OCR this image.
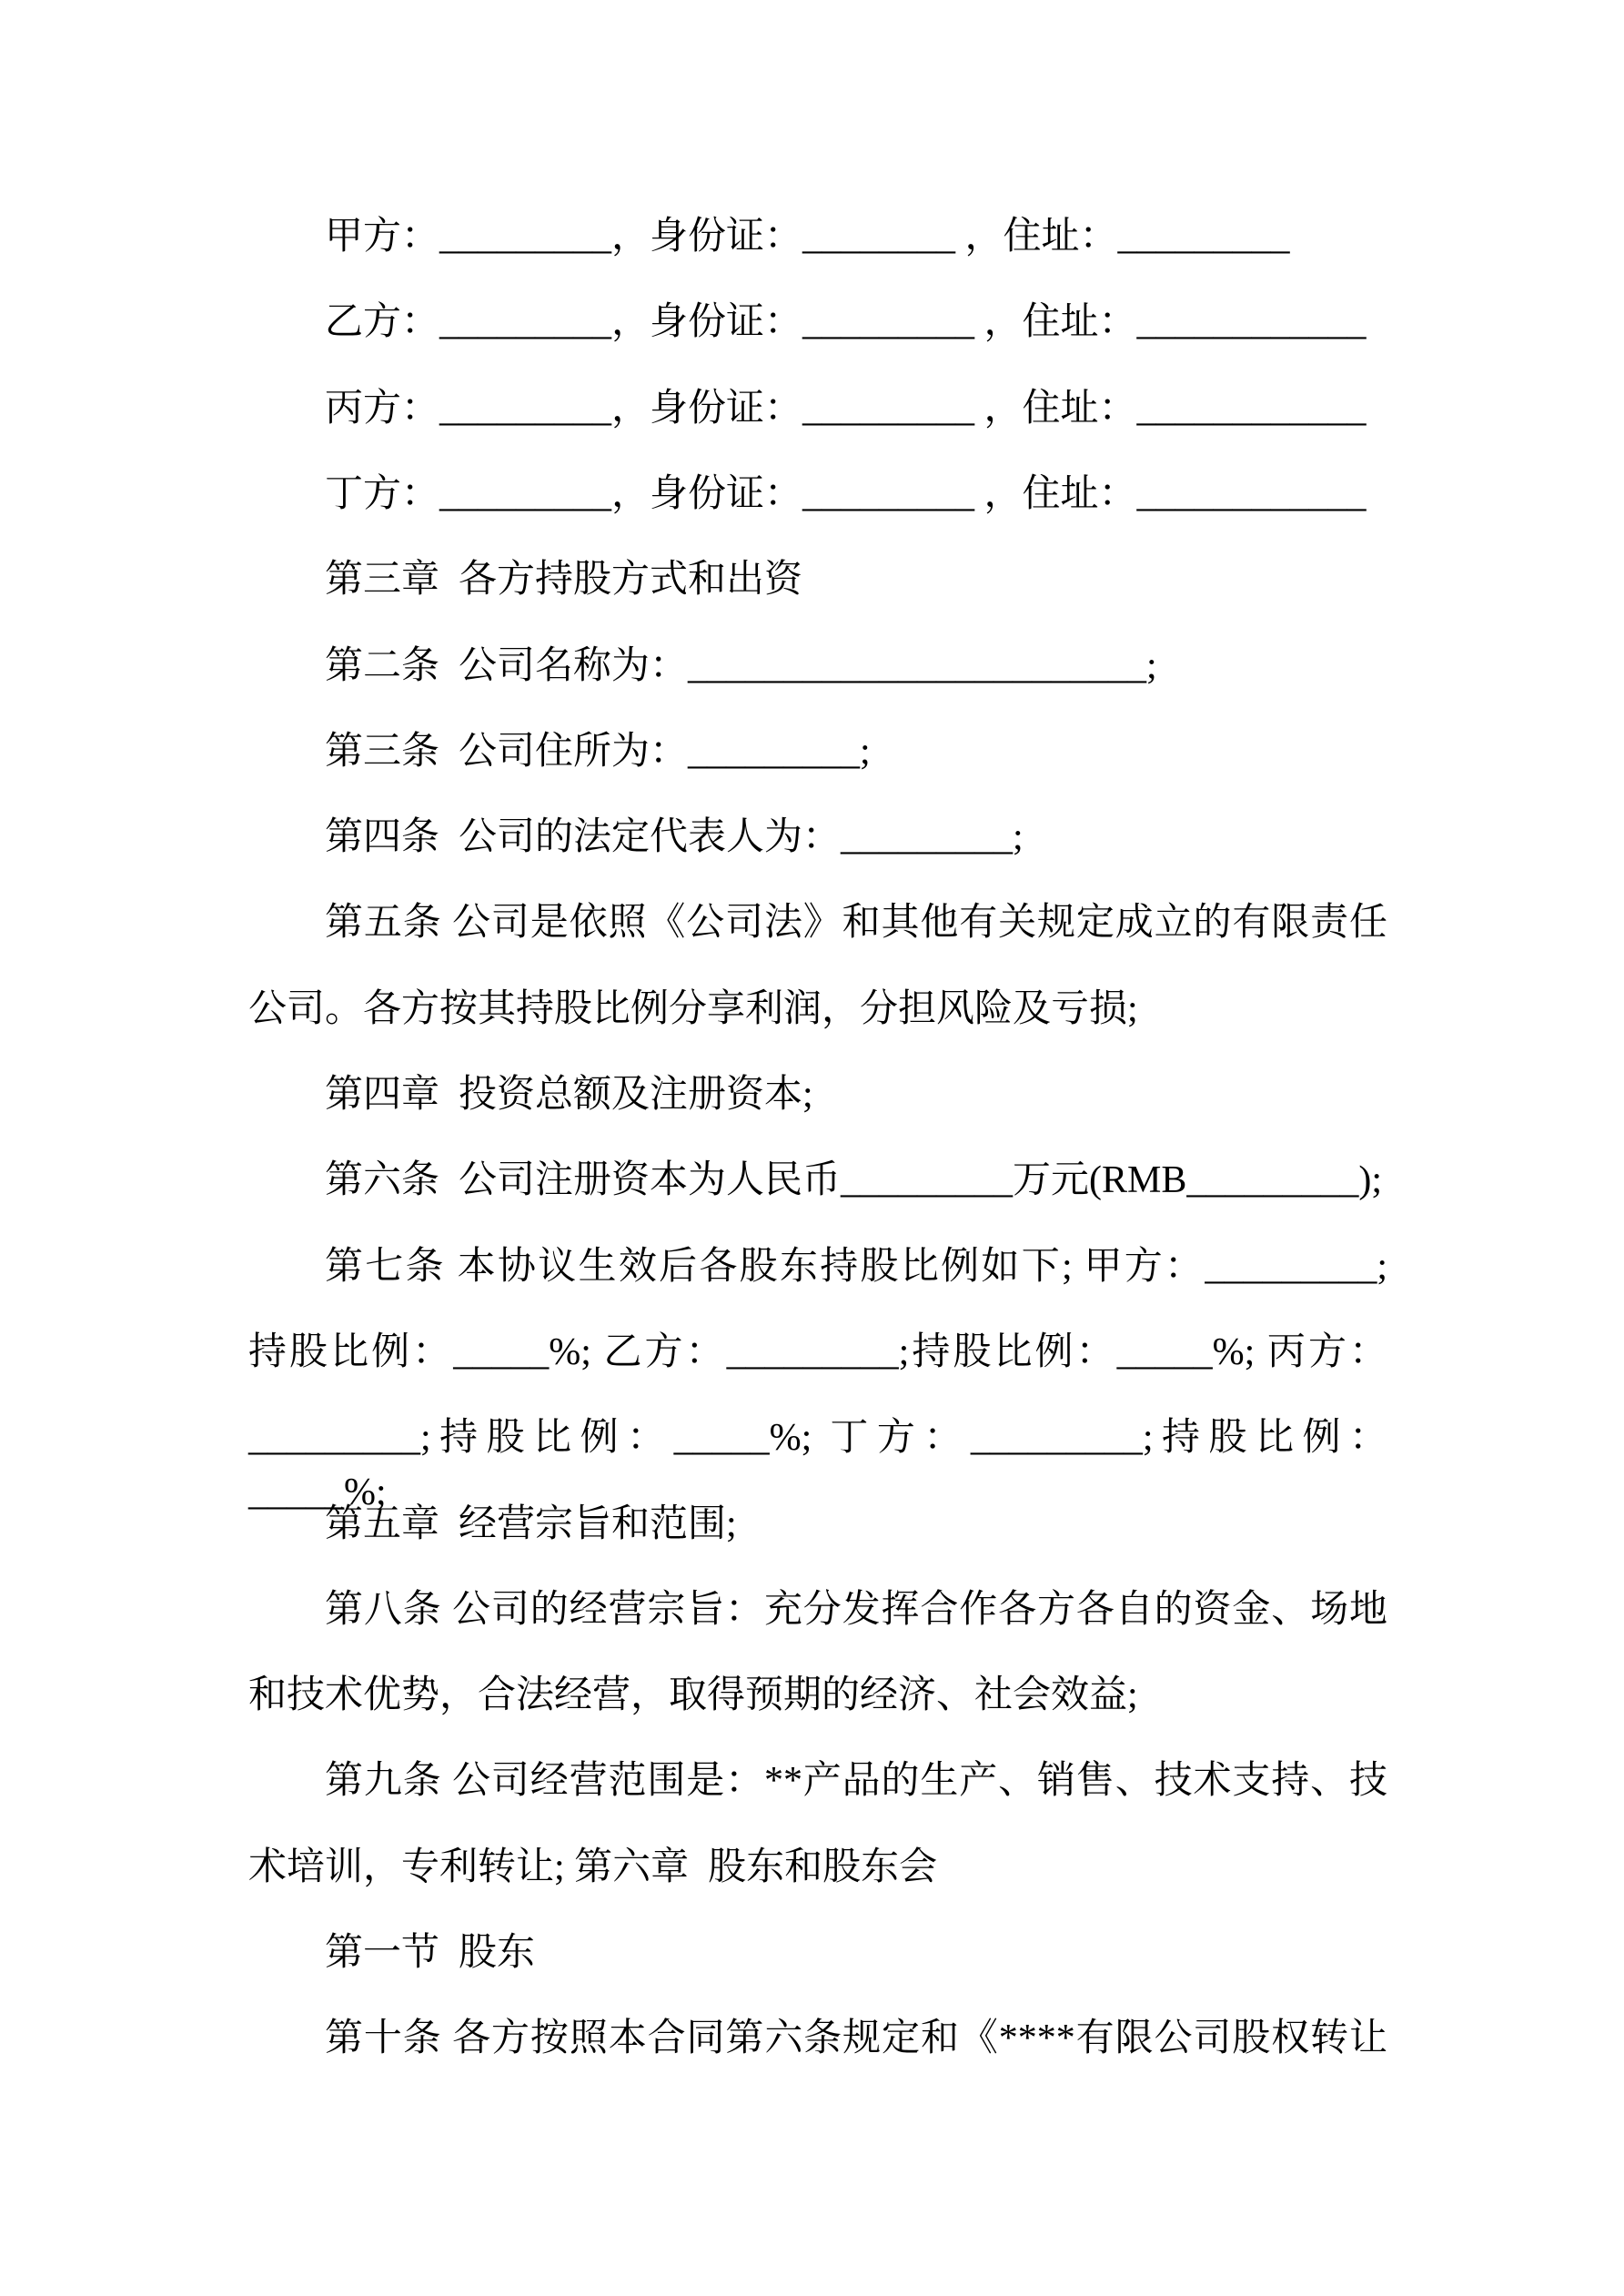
甲方：_________，身份证：________ ，住址：_________
乙方：_________，身份证：_________ ，住址：____________
丙方：_________，身份证：_________ ，住址：____________
丁方：_________，身份证：_________ ，住址：____________
第三章  各方持股方式和出资
第二条  公司名称为：________________________;
第三条  公司住所为：_________;
第四条  公司的法定代表人为：_________;
第五条 公司是依照《公司法》和其他有关规定成立的有限责任
公司。各方按其持股比例分享利润，分担风险及亏损;
第四章  投资总额及注册资本;
第六条  公司注册资本为人民币_________万元(RMB_________);
第七条 本协议生效后各股东持股比例如下; 甲方：_________;
持股比例：_____%; 乙方：_________;持股比例：_____%; 丙方：
_________;持股比例：_____%; 丁方：_________;持股比例：_____%;
第五章  经营宗旨和范围;
第八条 公司的经营宗旨：充分发挥合作各方各自的资金、场地
和技术优势，合法经营，取得预期的经济、社会效益;
第九条 公司经营范围是：**产品的生产、销售、技术支持、技
术培训，专利转让; 第六章  股东和股东会
第一节  股东
第十条 各方按照本合同第六条规定和《****有限公司股权转让
